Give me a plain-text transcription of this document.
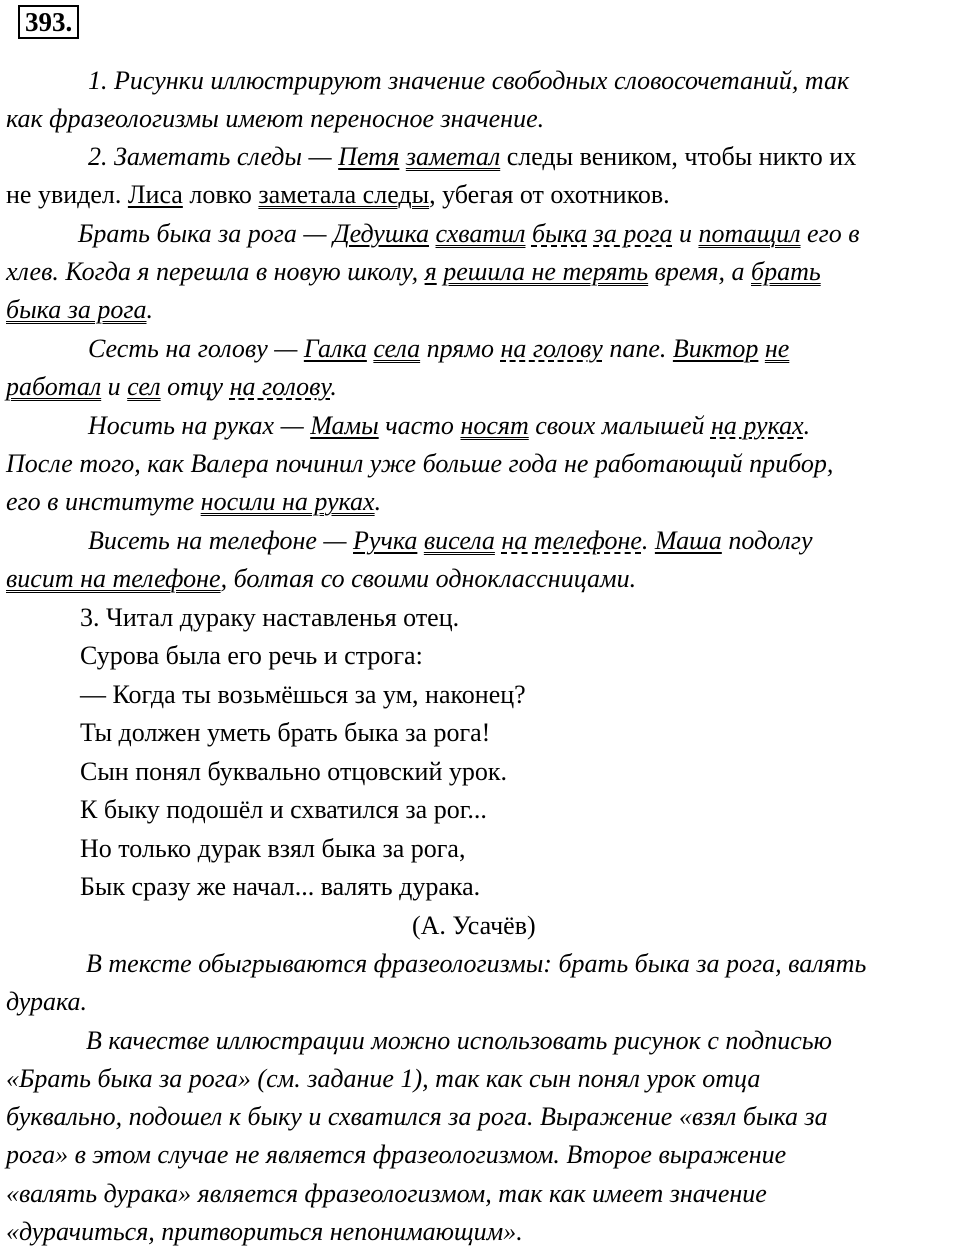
393.
1. Рисунки иллюстрируют значение свободных словосочетаний, так
как фразеологизмы имеют переносное значение.
2. Заметать следы — Петя заметал следы веником, чтобы никто их
не увидел. Лиса ловко заметала следы, убегая от охотников.
Брать быка за рога — Дедушка схватил быка за рога и потащил его в
хлев. Когда я перешла в новую школу, я решила не терять время, а брать
быка за рога.
Сесть на голову — Галка села прямо на голову папе. Виктор не
работал и сел отцу на голову.
Носить на руках — Мамы часто носят своих малышей на руках.
После того, как Валера починил уже больше года не работающий прибор,
его в институте носили на руках.
Висеть на телефоне — Ручка висела на телефоне. Маша подолгу
висит на телефоне, болтая со своими одноклассницами.
3. Читал дураку наставленья отец.
Сурова была его речь и строга:
— Когда ты возьмёшься за ум, наконец?
Ты должен уметь брать быка за рога!
Сын понял буквально отцовский урок.
К быку подошёл и схватился за рог...
Но только дурак взял быка за рога,
Бык сразу же начал... валять дурака.
(А. Усачёв)
В тексте обыгрываются фразеологизмы: брать быка за рога, валять
дурака.
В качестве иллюстрации можно использовать рисунок с подписью
«Брать быка за рога» (см. задание 1), так как сын понял урок отца
буквально, подошел к быку и схватился за рога. Выражение «взял быка за
рога» в этом случае не является фразеологизмом. Второе выражение
«валять дурака» является фразеологизмом, так как имеет значение
«дурачиться, притвориться непонимающим».
